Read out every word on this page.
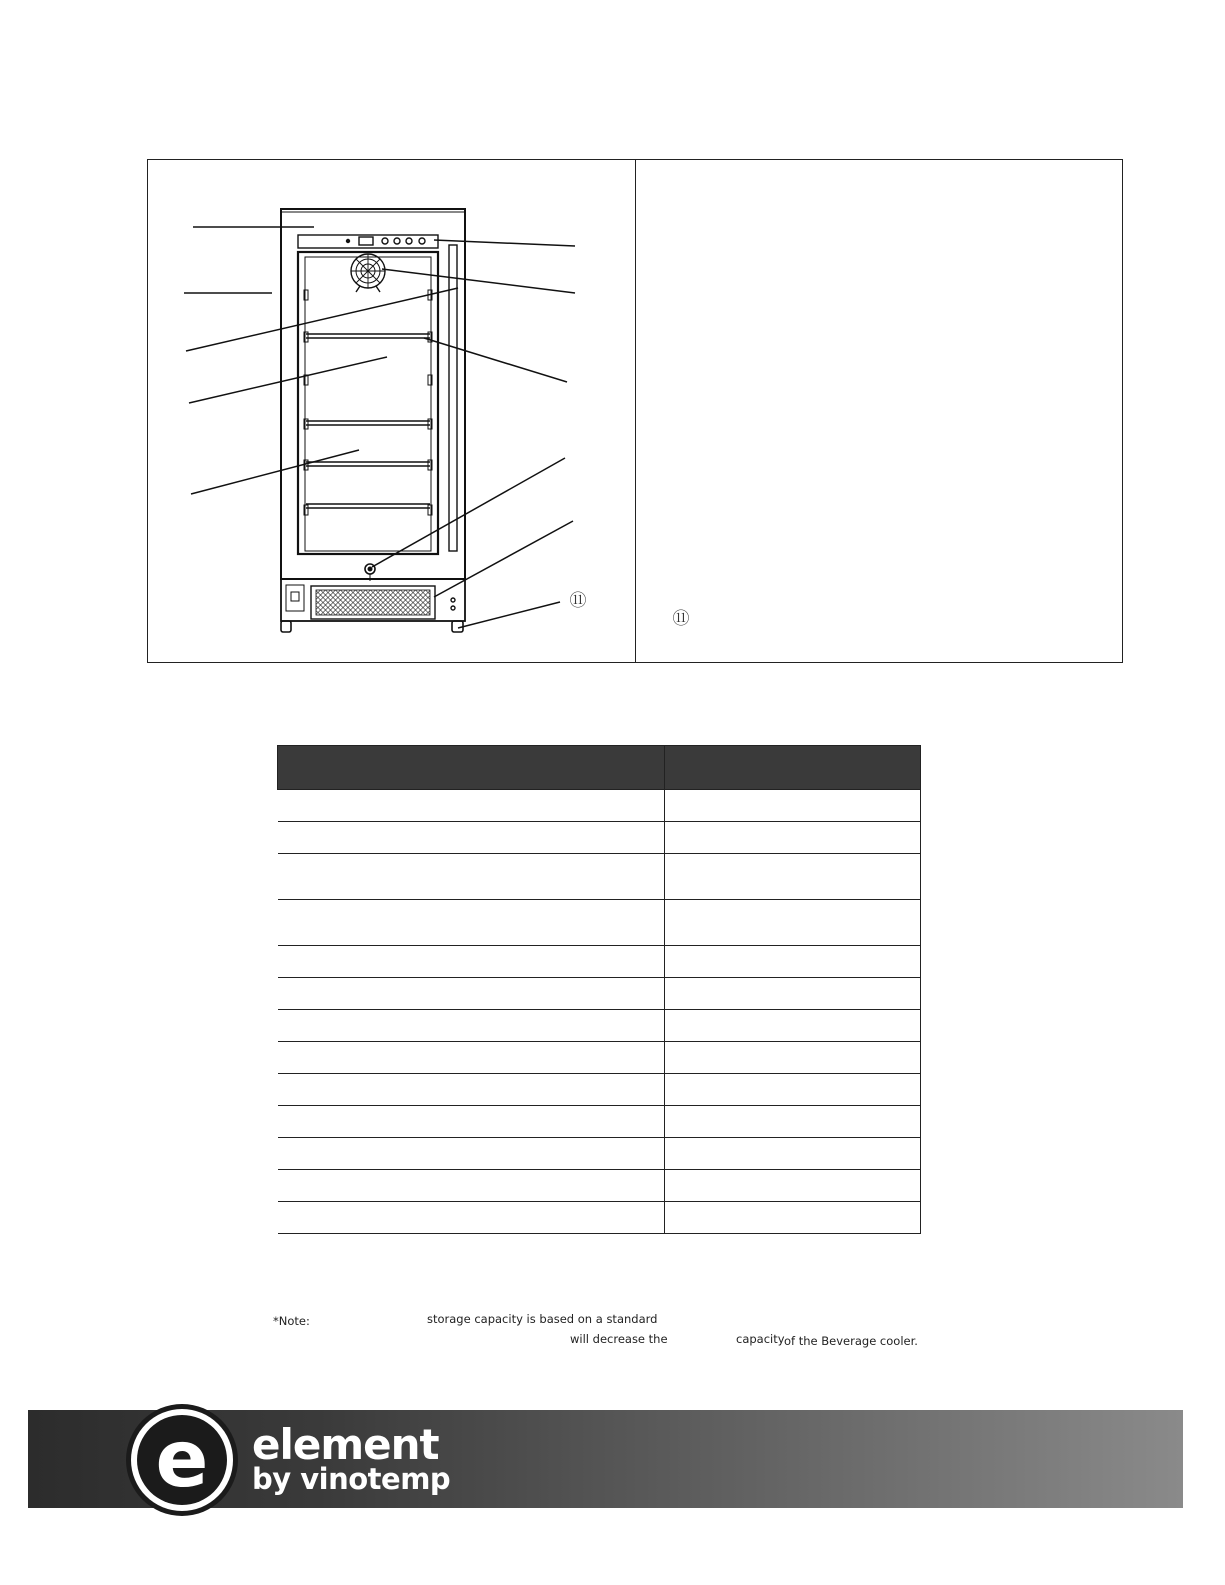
⑪
⑪

*Note:	storage capacity is based on a standard
will decrease the	capacity of the Beverage cooler.
e element
by vinotemp
